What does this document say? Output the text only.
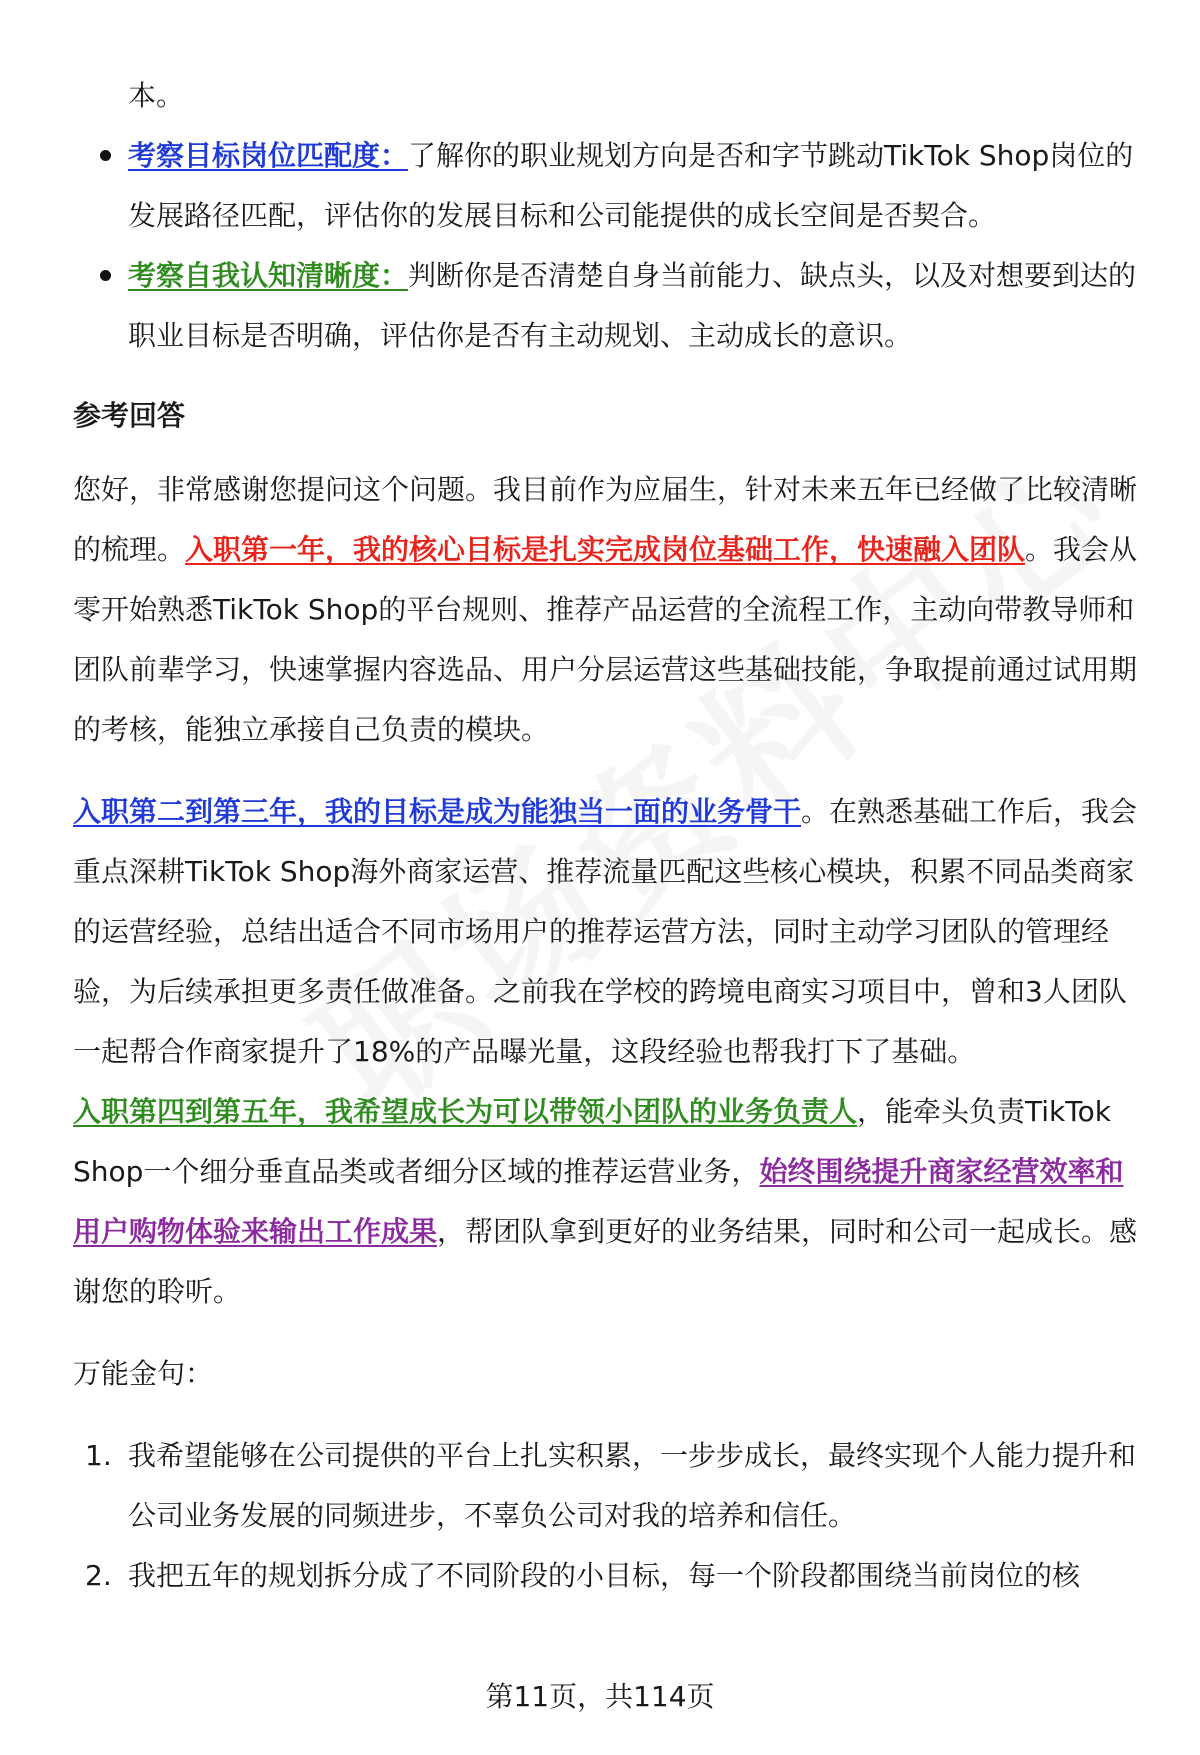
本。

考察目标岗位匹配度：了解你的职业规划方向是否和字节跳动TikTok Shop岗位的发展路径匹配，评估你的发展目标和公司能提供的成长空间是否契合。
考察自我认知清晰度：判断你是否清楚自身当前能力、缺点头，以及对想要到达的职业目标是否明确，评估你是否有主动规划、主动成长的意识。

参考回答

您好，非常感谢您提问这个问题。我目前作为应届生，针对未来五年已经做了比较清晰的梳理。入职第一年，我的核心目标是扎实完成岗位基础工作，快速融入团队。我会从零开始熟悉TikTok Shop的平台规则、推荐产品运营的全流程工作，主动向带教导师和团队前辈学习，快速掌握内容选品、用户分层运营这些基础技能，争取提前通过试用期的考核，能独立承接自己负责的模块。

入职第二到第三年，我的目标是成为能独当一面的业务骨干。在熟悉基础工作后，我会重点深耕TikTok Shop海外商家运营、推荐流量匹配这些核心模块，积累不同品类商家的运营经验，总结出适合不同市场用户的推荐运营方法，同时主动学习团队的管理经验，为后续承担更多责任做准备。之前我在学校的跨境电商实习项目中，曾和3人团队一起帮合作商家提升了18%的产品曝光量，这段经验也帮我打下了基础。

入职第四到第五年，我希望成长为可以带领小团队的业务负责人，能牵头负责TikTok Shop一个细分垂直品类或者细分区域的推荐运营业务，始终围绕提升商家经营效率和用户购物体验来输出工作成果，帮团队拿到更好的业务结果，同时和公司一起成长。感谢您的聆听。

万能金句：

1. 我希望能够在公司提供的平台上扎实积累，一步步成长，最终实现个人能力提升和公司业务发展的同频进步，不辜负公司对我的培养和信任。
2. 我把五年的规划拆分成了不同阶段的小目标，每一个阶段都围绕当前岗位的核
第11页，共114页
